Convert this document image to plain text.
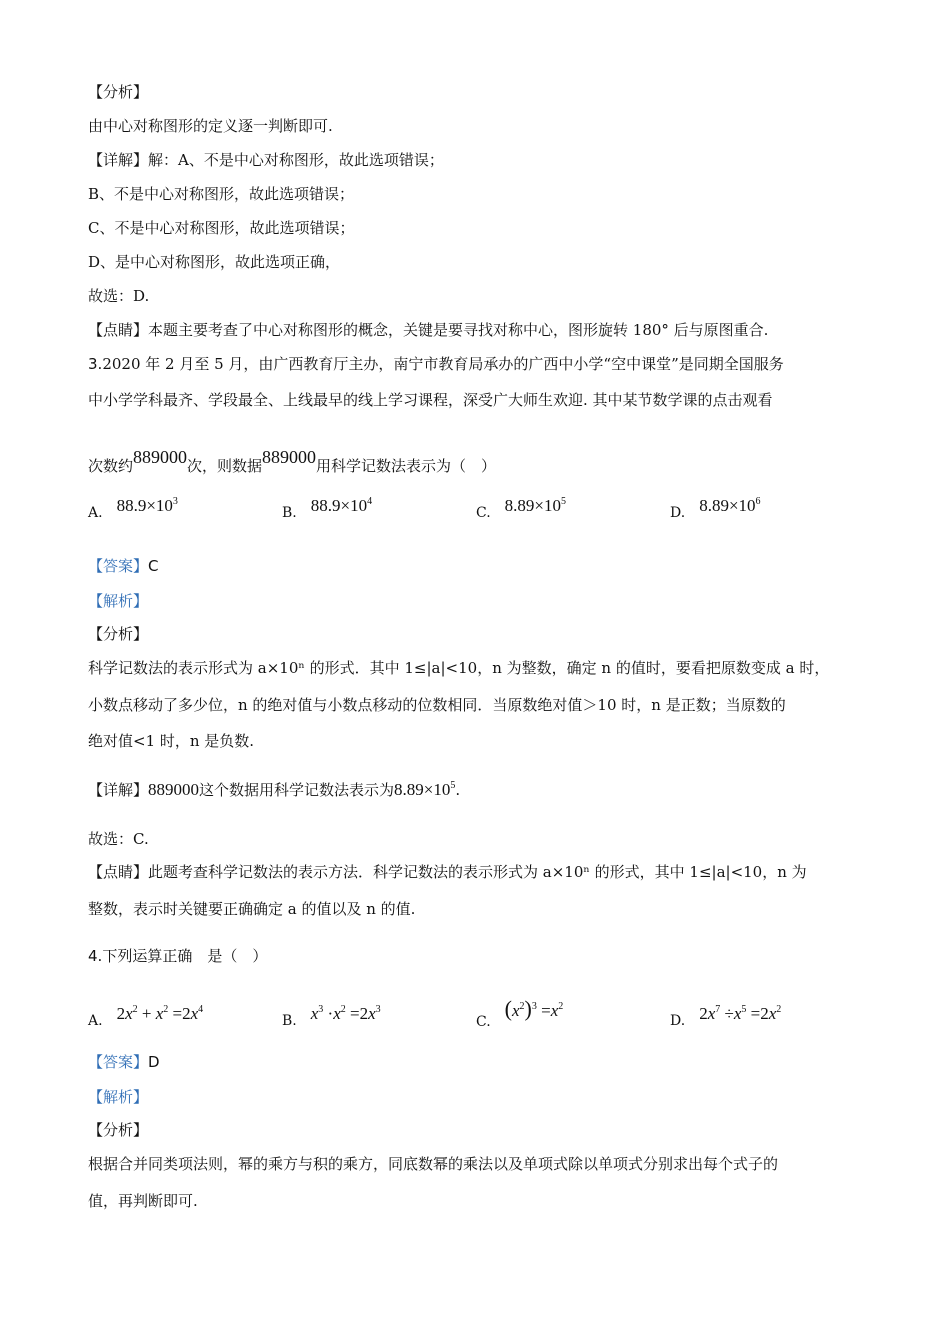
【分析】
由中心对称图形的定义逐一判断即可.
【详解】解：A、不是中心对称图形，故此选项错误；
B、不是中心对称图形，故此选项错误；
C、不是中心对称图形，故此选项错误；
D、是中心对称图形，故此选项正确，
故选：D.
【点睛】本题主要考查了中心对称图形的概念，关键是要寻找对称中心，图形旋转 180° 后与原图重合.
3.2020 年 2 月至 5 月，由广西教育厅主办，南宁市教育局承办的广西中小学“空中课堂”是同期全国服务
中小学学科最齐、学段最全、上线最早的线上学习课程，深受广大师生欢迎. 其中某节数学课的点击观看
次数约889000次，则数据889000用科学记数法表示为（　）
A. $88.9\times 10^3$
B. $88.9\times 10^4$
C. $8.89\times 10^5$
D. $8.89\times 10^6$
【答案】C
【解析】
【分析】
科学记数法的表示形式为 a×10ⁿ 的形式．其中 1≤|a|<10，n 为整数，确定 n 的值时，要看把原数变成 a 时，
小数点移动了多少位，n 的绝对值与小数点移动的位数相同．当原数绝对值＞10 时，n 是正数；当原数的
绝对值<1 时，n 是负数.
【详解】889000这个数据用科学记数法表示为$8.89\times 10^5$.
故选：C.
【点睛】此题考查科学记数法的表示方法．科学记数法的表示形式为 a×10ⁿ 的形式，其中 1≤|a|<10，n 为
整数，表示时关键要正确确定 a 的值以及 n 的值.
4.下列运算正确　是（　）
A. $2x^2 + x^2 =2x^4$
B. $x^3 \cdot x^2 =2x^3$
$C.(x^2)^3 =x^2$
D. $2x^7 \div x^5 =2x^2$
【答案】D
【解析】
【分析】
根据合并同类项法则，幂的乘方与积的乘方，同底数幂的乘法以及单项式除以单项式分别求出每个式子的
值，再判断即可.
